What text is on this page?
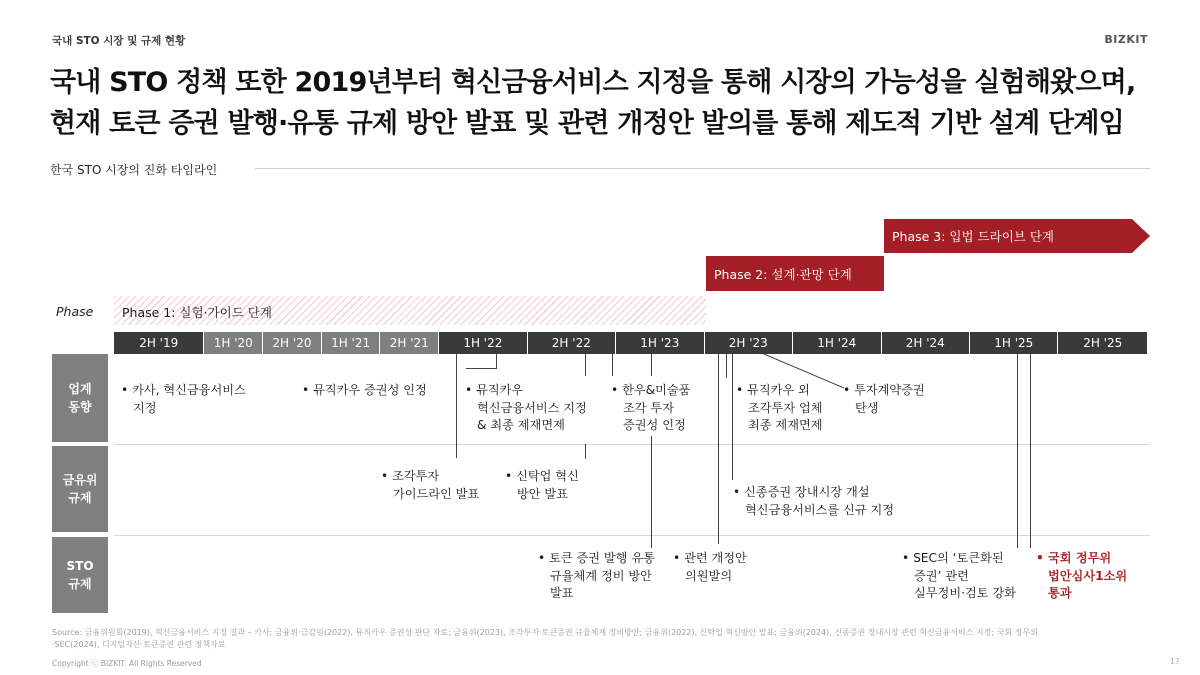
국내 STO 시장 및 규제 현황	BIZKIT
국내 STO 정책 또한 2019년부터 혁신금융서비스 지정을 통해 시장의 가능성을 실험해왔으며,
현재 토큰 증권 발행·유통 규제 방안 발표 및 관련 개정안 발의를 통해 제도적 기반 설계 단계임
한국 STO 시장의 진화 타임라인
Phase Phase 1: 실험·가이드 단계
Phase 2: 설계·관망 단계
Phase 3: 입법 드라이브 단계
2H '19	1H '20	2H '20	1H '21	2H '21	1H '22	2H '22	1H '23	2H '23	1H '24	2H '24	1H '25	2H '25
업계
동향
금유위
규제
STO
규제
• 카사, 혁신금융서비스
지정
• 뮤직카우 증권성 인정	• 뮤직카우
혁신금융서비스 지정
& 최종 제재면제
• 한우&미술품
조각 투자
증권성 인정
• 뮤직카우 외
조각투자 업체
최종 제재면제
• 투자계약증권
탄생
• 조각투자
가이드라인 발표
• 신탁업 혁신
방안 발표	• 신종증권 장내시장 개설
혁신금융서비스를 신규 지정
• 토큰 증권 발행 유통
규율체계 정비 방안
발표
• 관련 개정안
의원발의
• SEC의 ‘토큰화된
증권’ 관련
실무정비·검토 강화
• 국회 정무위
법안심사1소위
통과
Source: 금융위원회(2019), 혁신금융서비스 지정 결과 – 카사; 금융위·금감원(2022), 뮤직카우 증권성 판단 자료; 금융위(2023), 조각투자·토큰증권 규율체계 정비방안; 금융위(2022), 신탁업 혁신방안 발표; 금융위(2024), 신종증권 장내시장 관련 혁신금융서비스 지정; 국회 정무위
·SEC(2024), 디지털자산·토큰증권 관련 정책자료
Copyright ⓒ BIZKIT. All Rights Reserved	17
